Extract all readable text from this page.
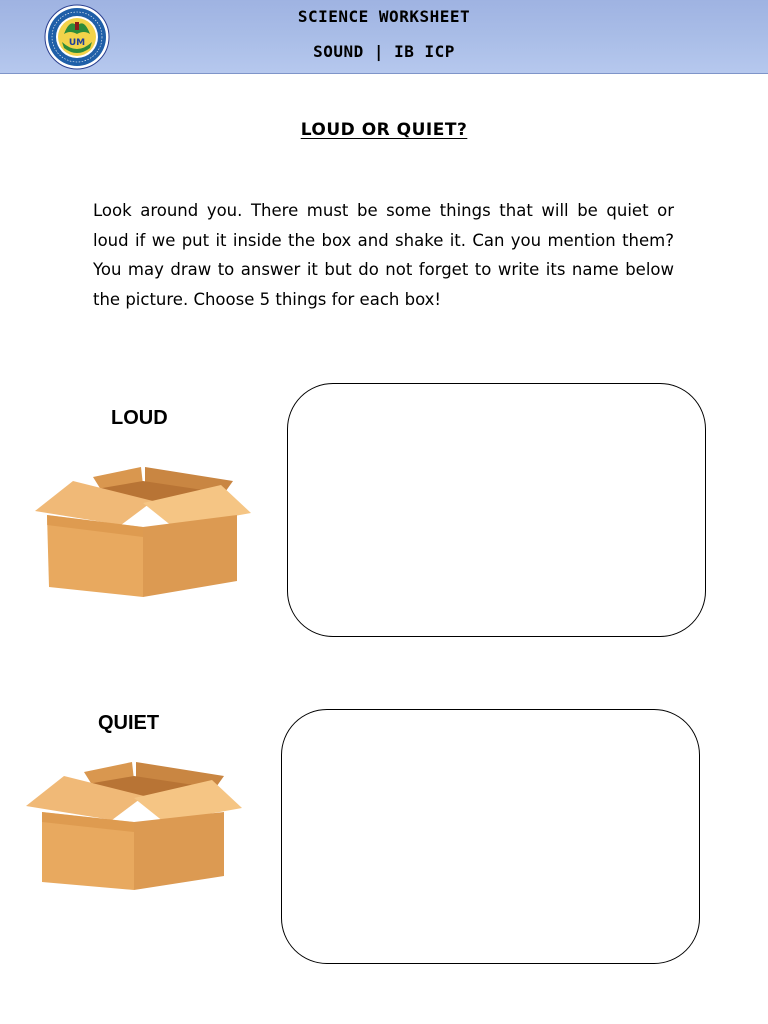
UM
SCIENCE WORKSHEET
SOUND | IB ICP
LOUD OR QUIET?

Look around you. There must be some things that will be quiet or loud if we put it inside the box and shake it. Can you mention them? You may draw to answer it but do not forget to write its name below the picture. Choose 5 things for each box!

LOUD
QUIET
